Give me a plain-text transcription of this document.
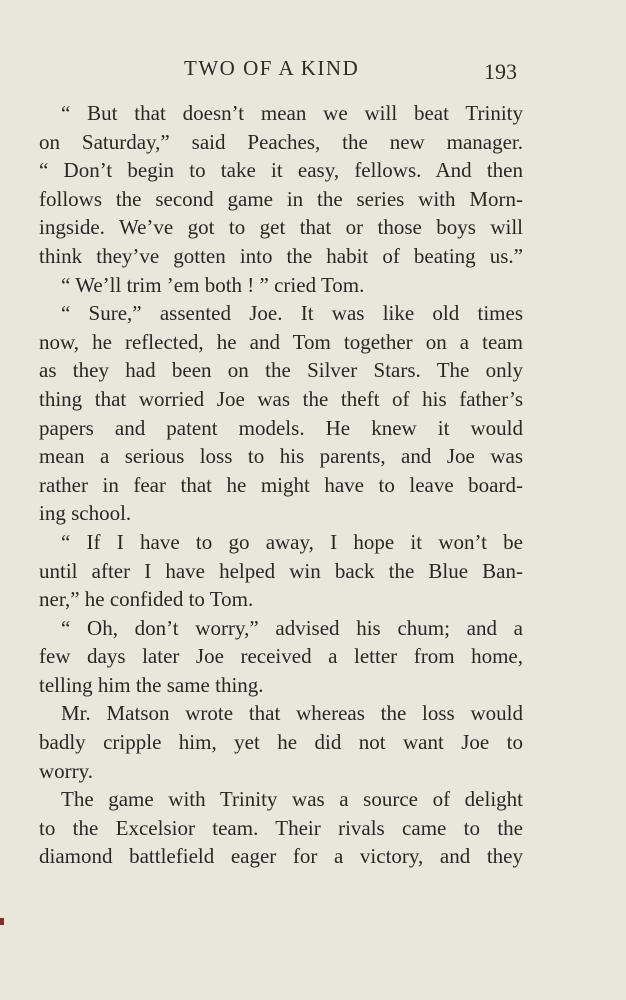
TWO OF A KIND	193
“ But that doesn’t mean we will beat Trinity
on Saturday,” said Peaches, the new manager.
“ Don’t begin to take it easy, fellows. And then
follows the second game in the series with Morn-
ingside. We’ve got to get that or those boys will
think they’ve gotten into the habit of beating us.”
“ We’ll trim ’em both ! ” cried Tom.
“ Sure,” assented Joe. It was like old times
now, he reflected, he and Tom together on a team
as they had been on the Silver Stars. The only
thing that worried Joe was the theft of his father’s
papers and patent models. He knew it would
mean a serious loss to his parents, and Joe was
rather in fear that he might have to leave board-
ing school.
“ If I have to go away, I hope it won’t be
until after I have helped win back the Blue Ban-
ner,” he confided to Tom.
“ Oh, don’t worry,” advised his chum; and a
few days later Joe received a letter from home,
telling him the same thing.
Mr. Matson wrote that whereas the loss would
badly cripple him, yet he did not want Joe to
worry.
The game with Trinity was a source of delight
to the Excelsior team. Their rivals came to the
diamond battlefield eager for a victory, and they
